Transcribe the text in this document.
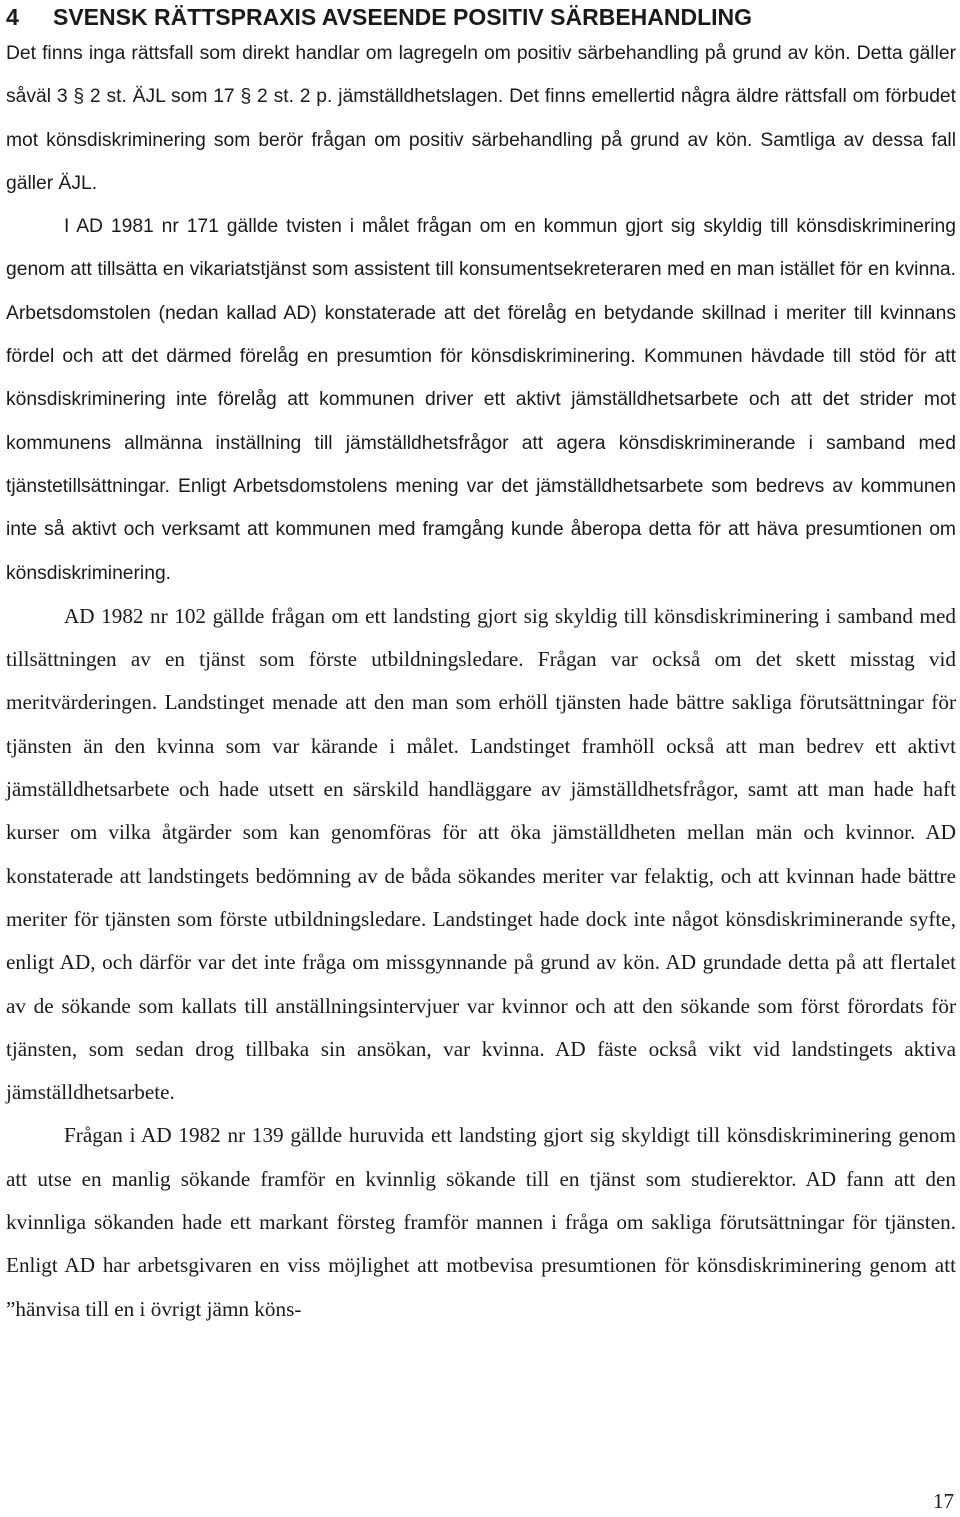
4 SVENSK RÄTTSPRAXIS AVSEENDE POSITIV SÄRBEHANDLING

Det finns inga rättsfall som direkt handlar om lagregeln om positiv särbehandling på grund av kön. Detta gäller såväl 3 § 2 st. ÄJL som 17 § 2 st. 2 p. jämställdhetslagen. Det finns emellertid några äldre rättsfall om förbudet mot könsdiskriminering som berör frågan om positiv särbehandling på grund av kön. Samtliga av dessa fall gäller ÄJL.

I AD 1981 nr 171 gällde tvisten i målet frågan om en kommun gjort sig skyldig till könsdiskriminering genom att tillsätta en vikariatstjänst som assistent till konsumentsekreteraren med en man istället för en kvinna. Arbetsdomstolen (nedan kallad AD) konstaterade att det förelåg en betydande skillnad i meriter till kvinnans fördel och att det därmed förelåg en presumtion för könsdiskriminering. Kommunen hävdade till stöd för att könsdiskriminering inte förelåg att kommunen driver ett aktivt jämställdhetsarbete och att det strider mot kommunens allmänna inställning till jämställdhetsfrågor att agera könsdiskriminerande i samband med tjänstetillsättningar. Enligt Arbetsdomstolens mening var det jämställdhetsarbete som bedrevs av kommunen inte så aktivt och verksamt att kommunen med framgång kunde åberopa detta för att häva presumtionen om könsdiskriminering.

AD 1982 nr 102 gällde frågan om ett landsting gjort sig skyldig till könsdiskriminering i samband med tillsättningen av en tjänst som förste utbildningsledare. Frågan var också om det skett misstag vid meritvärderingen. Landstinget menade att den man som erhöll tjänsten hade bättre sakliga förutsättningar för tjänsten än den kvinna som var kärande i målet. Landstinget framhöll också att man bedrev ett aktivt jämställdhetsarbete och hade utsett en särskild handläggare av jämställdhetsfrågor, samt att man hade haft kurser om vilka åtgärder som kan genomföras för att öka jämställdheten mellan män och kvinnor. AD konstaterade att landstingets bedömning av de båda sökandes meriter var felaktig, och att kvinnan hade bättre meriter för tjänsten som förste utbildningsledare. Landstinget hade dock inte något könsdiskriminerande syfte, enligt AD, och därför var det inte fråga om missgynnande på grund av kön. AD grundade detta på att flertalet av de sökande som kallats till anställningsintervjuer var kvinnor och att den sökande som först förordats för tjänsten, som sedan drog tillbaka sin ansökan, var kvinna. AD fäste också vikt vid landstingets aktiva jämställdhetsarbete.

Frågan i AD 1982 nr 139 gällde huruvida ett landsting gjort sig skyldigt till könsdiskriminering genom att utse en manlig sökande framför en kvinnlig sökande till en tjänst som studierektor. AD fann att den kvinnliga sökanden hade ett markant försteg framför mannen i fråga om sakliga förutsättningar för tjänsten. Enligt AD har arbetsgivaren en viss möjlighet att motbevisa presumtionen för könsdiskriminering genom att ”hänvisa till en i övrigt jämn köns-

17
